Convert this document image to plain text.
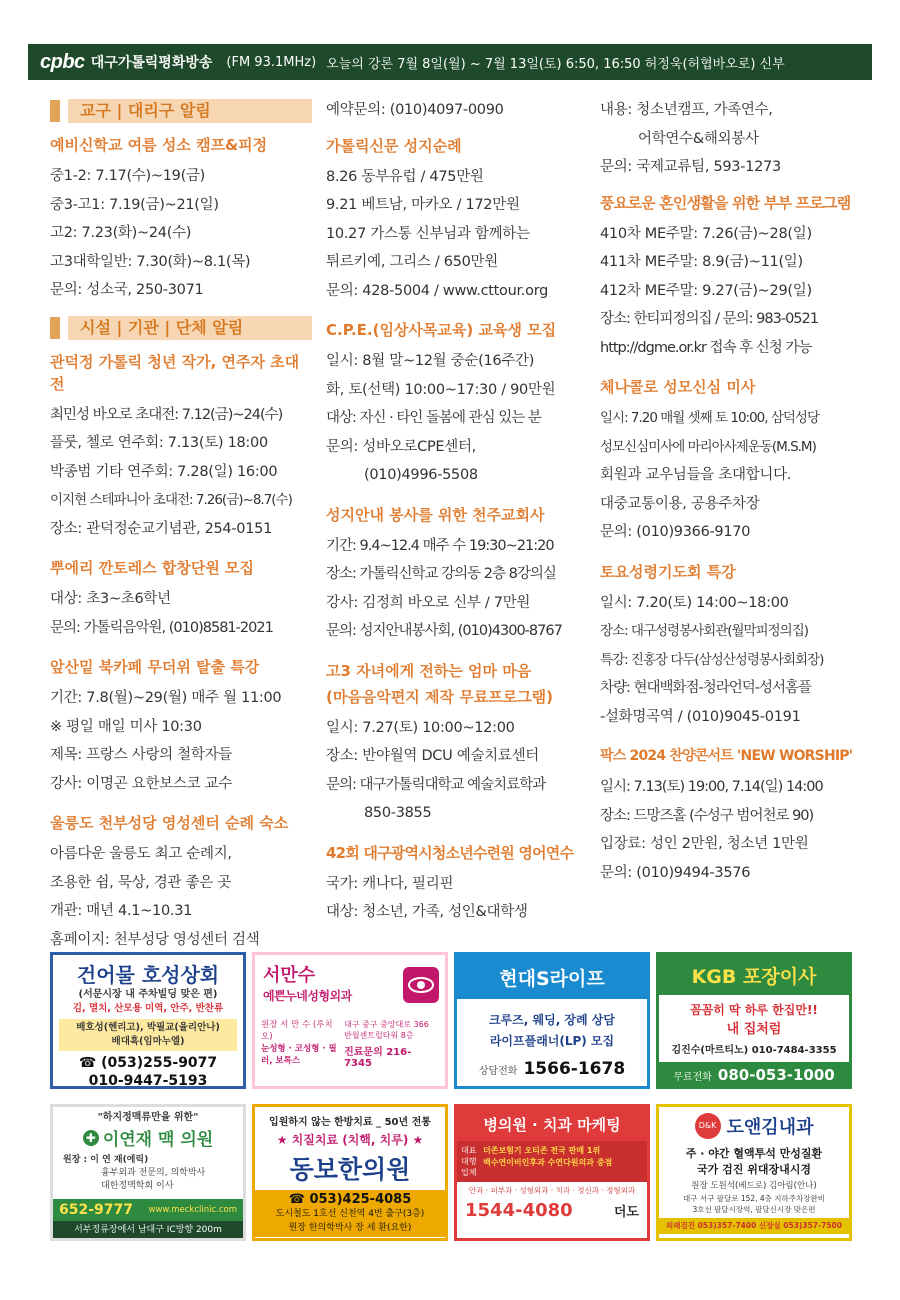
cpbc 대구가톨릭평화방송 (FM 93.1MHz) 오늘의 강론 7월 8일(월) ~ 7월 13일(토) 6:50, 16:50 허정욱(허협바오로) 신부
교구 | 대리구 알림
예비신학교 여름 성소 캠프&피정
중1-2: 7.17(수)~19(금)
중3-고1: 7.19(금)~21(일)
고2: 7.23(화)~24(수)
고3대학일반: 7.30(화)~8.1(목)
문의: 성소국, 250-3071
시설 | 기관 | 단체 알림
관덕정 가톨릭 청년 작가, 연주자 초대전
최민성 바오로 초대전: 7.12(금)~24(수)
플룻, 첼로 연주회: 7.13(토) 18:00
박종범 기타 연주회: 7.28(일) 16:00
이지현 스테파니아 초대전: 7.26(금)~8.7(수)
장소: 관덕정순교기념관, 254-0151
뿌에리 깐토레스 합창단원 모집
대상: 초3~초6학년
문의: 가톨릭음악원, (010)8581-2021
앞산밑 북카페 무더위 탈출 특강
기간: 7.8(월)~29(월) 매주 월 11:00
※ 평일 매일 미사 10:30
제목: 프랑스 사랑의 철학자들
강사: 이명곤 요한보스코 교수
울릉도 천부성당 영성센터 순례 숙소
아름다운 울릉도 최고 순례지,
조용한 쉼, 묵상, 경관 좋은 곳
개관: 매년 4.1~10.31
홈페이지: 천부성당 영성센터 검색
예약문의: (010)4097-0090
가톨릭신문 성지순례
8.26 동부유럽 / 475만원
9.21 베트남, 마카오 / 172만원
10.27 가스통 신부님과 함께하는
튀르키예, 그리스 / 650만원
문의: 428-5004 / www.cttour.org
C.P.E.(임상사목교육) 교육생 모집
일시: 8월 말~12월 중순(16주간)
화, 토(선택) 10:00~17:30 / 90만원
대상: 자신 · 타인 돌봄에 관심 있는 분
문의: 성바오로CPE센터,
(010)4996-5508
성지안내 봉사를 위한 천주교회사
기간: 9.4~12.4 매주 수 19:30~21:20
장소: 가톨릭신학교 강의동 2층 8강의실
강사: 김정희 바오로 신부 / 7만원
문의: 성지안내봉사회, (010)4300-8767
고3 자녀에게 전하는 엄마 마음
(마음음악편지 제작 무료프로그램)
일시: 7.27(토) 10:00~12:00
장소: 반야월역 DCU 예술치료센터
문의: 대구가톨릭대학교 예술치료학과
850-3855
42회 대구광역시청소년수련원 영어연수
국가: 캐나다, 필리핀
대상: 청소년, 가족, 성인&대학생
내용: 청소년캠프, 가족연수,
어학연수&해외봉사
문의: 국제교류팀, 593-1273
풍요로운 혼인생활을 위한 부부 프로그램
410차 ME주말: 7.26(금)~28(일)
411차 ME주말: 8.9(금)~11(일)
412차 ME주말: 9.27(금)~29(일)
장소: 한티피정의집 / 문의: 983-0521
http://dgme.or.kr 접속 후 신청 가능
체나콜로 성모신심 미사
일시: 7.20 매월 셋째 토 10:00, 삼덕성당
성모신심미사에 마리아사제운동(M.S.M)
회원과 교우님들을 초대합니다.
대중교통이용, 공용주차장
문의: (010)9366-9170
토요성령기도회 특강
일시: 7.20(토) 14:00~18:00
장소: 대구성령봉사회관(월막피정의집)
특강: 진홍장 다두(삼성산성령봉사회회장)
차량: 현대백화점-청라언덕-성서홈플
-설화명곡역 / (010)9045-0191
팍스 2024 찬양콘서트 'NEW WORSHIP'
일시: 7.13(토) 19:00, 7.14(일) 14:00
장소: 드망즈홀 (수성구 범어천로 90)
입장료: 성인 2만원, 청소년 1만원
문의: (010)9494-3576
건어물 호성상회
(서문시장 내 주차빌딩 맞은 편)
김, 멸치, 산모용 미역, 안주, 반찬류
배호성(헨리고), 박필교(율리안나)
배대흑(임마누엘)
☎ (053)255-9077
010-9447-5193
서만수
예쁜누네성형외과
원장 서 만 수 (루치오)
눈성형 · 코성형 · 필러, 보톡스
대구 중구 중앙대로 366 반월센트럴타워 8층
진료문의 216-7345
현대S라이프
크루즈, 웨딩, 장례 상담
라이프플래너(LP) 모집
상담전화 1566-1678
KGB 포장이사
꼼꼼히 딱 하루 한집만!!
내 집처럼
김진수(마르티노) 010-7484-3355
무료전화 080-053-1000
"하지정맥류만을 위한"
✚ 이연재 맥 의원
원장 : 이 연 재(에릭)
흉부외과 전문의, 의학박사
대한정맥학회 이사
652-9777 www.meckclinic.com
서부정류장에서 남대구 IC방향 200m
입원하지 않는 한방치료 _ 50년 전통
★ 치질치료 (치핵, 치루) ★
동보한의원
☎ 053)425-4085
도시철도 1호선 신천역 4번 출구(3층)
원장 한의학박사 장 세 환(요한)
병의원 · 치과 마케팅
대표 대행 업체
더존보험기 오티존 전국 판매 1위
백수연이비인후과 수연다원의과 중점
안과 · 피부과 · 성형외과 · 치과 · 정신과 · 정형외과
1544-4080	더도
D&K 도앤김내과
주 · 야간 혈액투석 만성질환
국가 검진 위대장내시경
원장 도원석(베드로) 김아림(안나)
대구 서구 팔달로 152, 4층 지하주차장완비
3호선 팔달시장역, 팔달신시장 맞은편
외래검진 053)357-7400 신장실 053)357-7500
